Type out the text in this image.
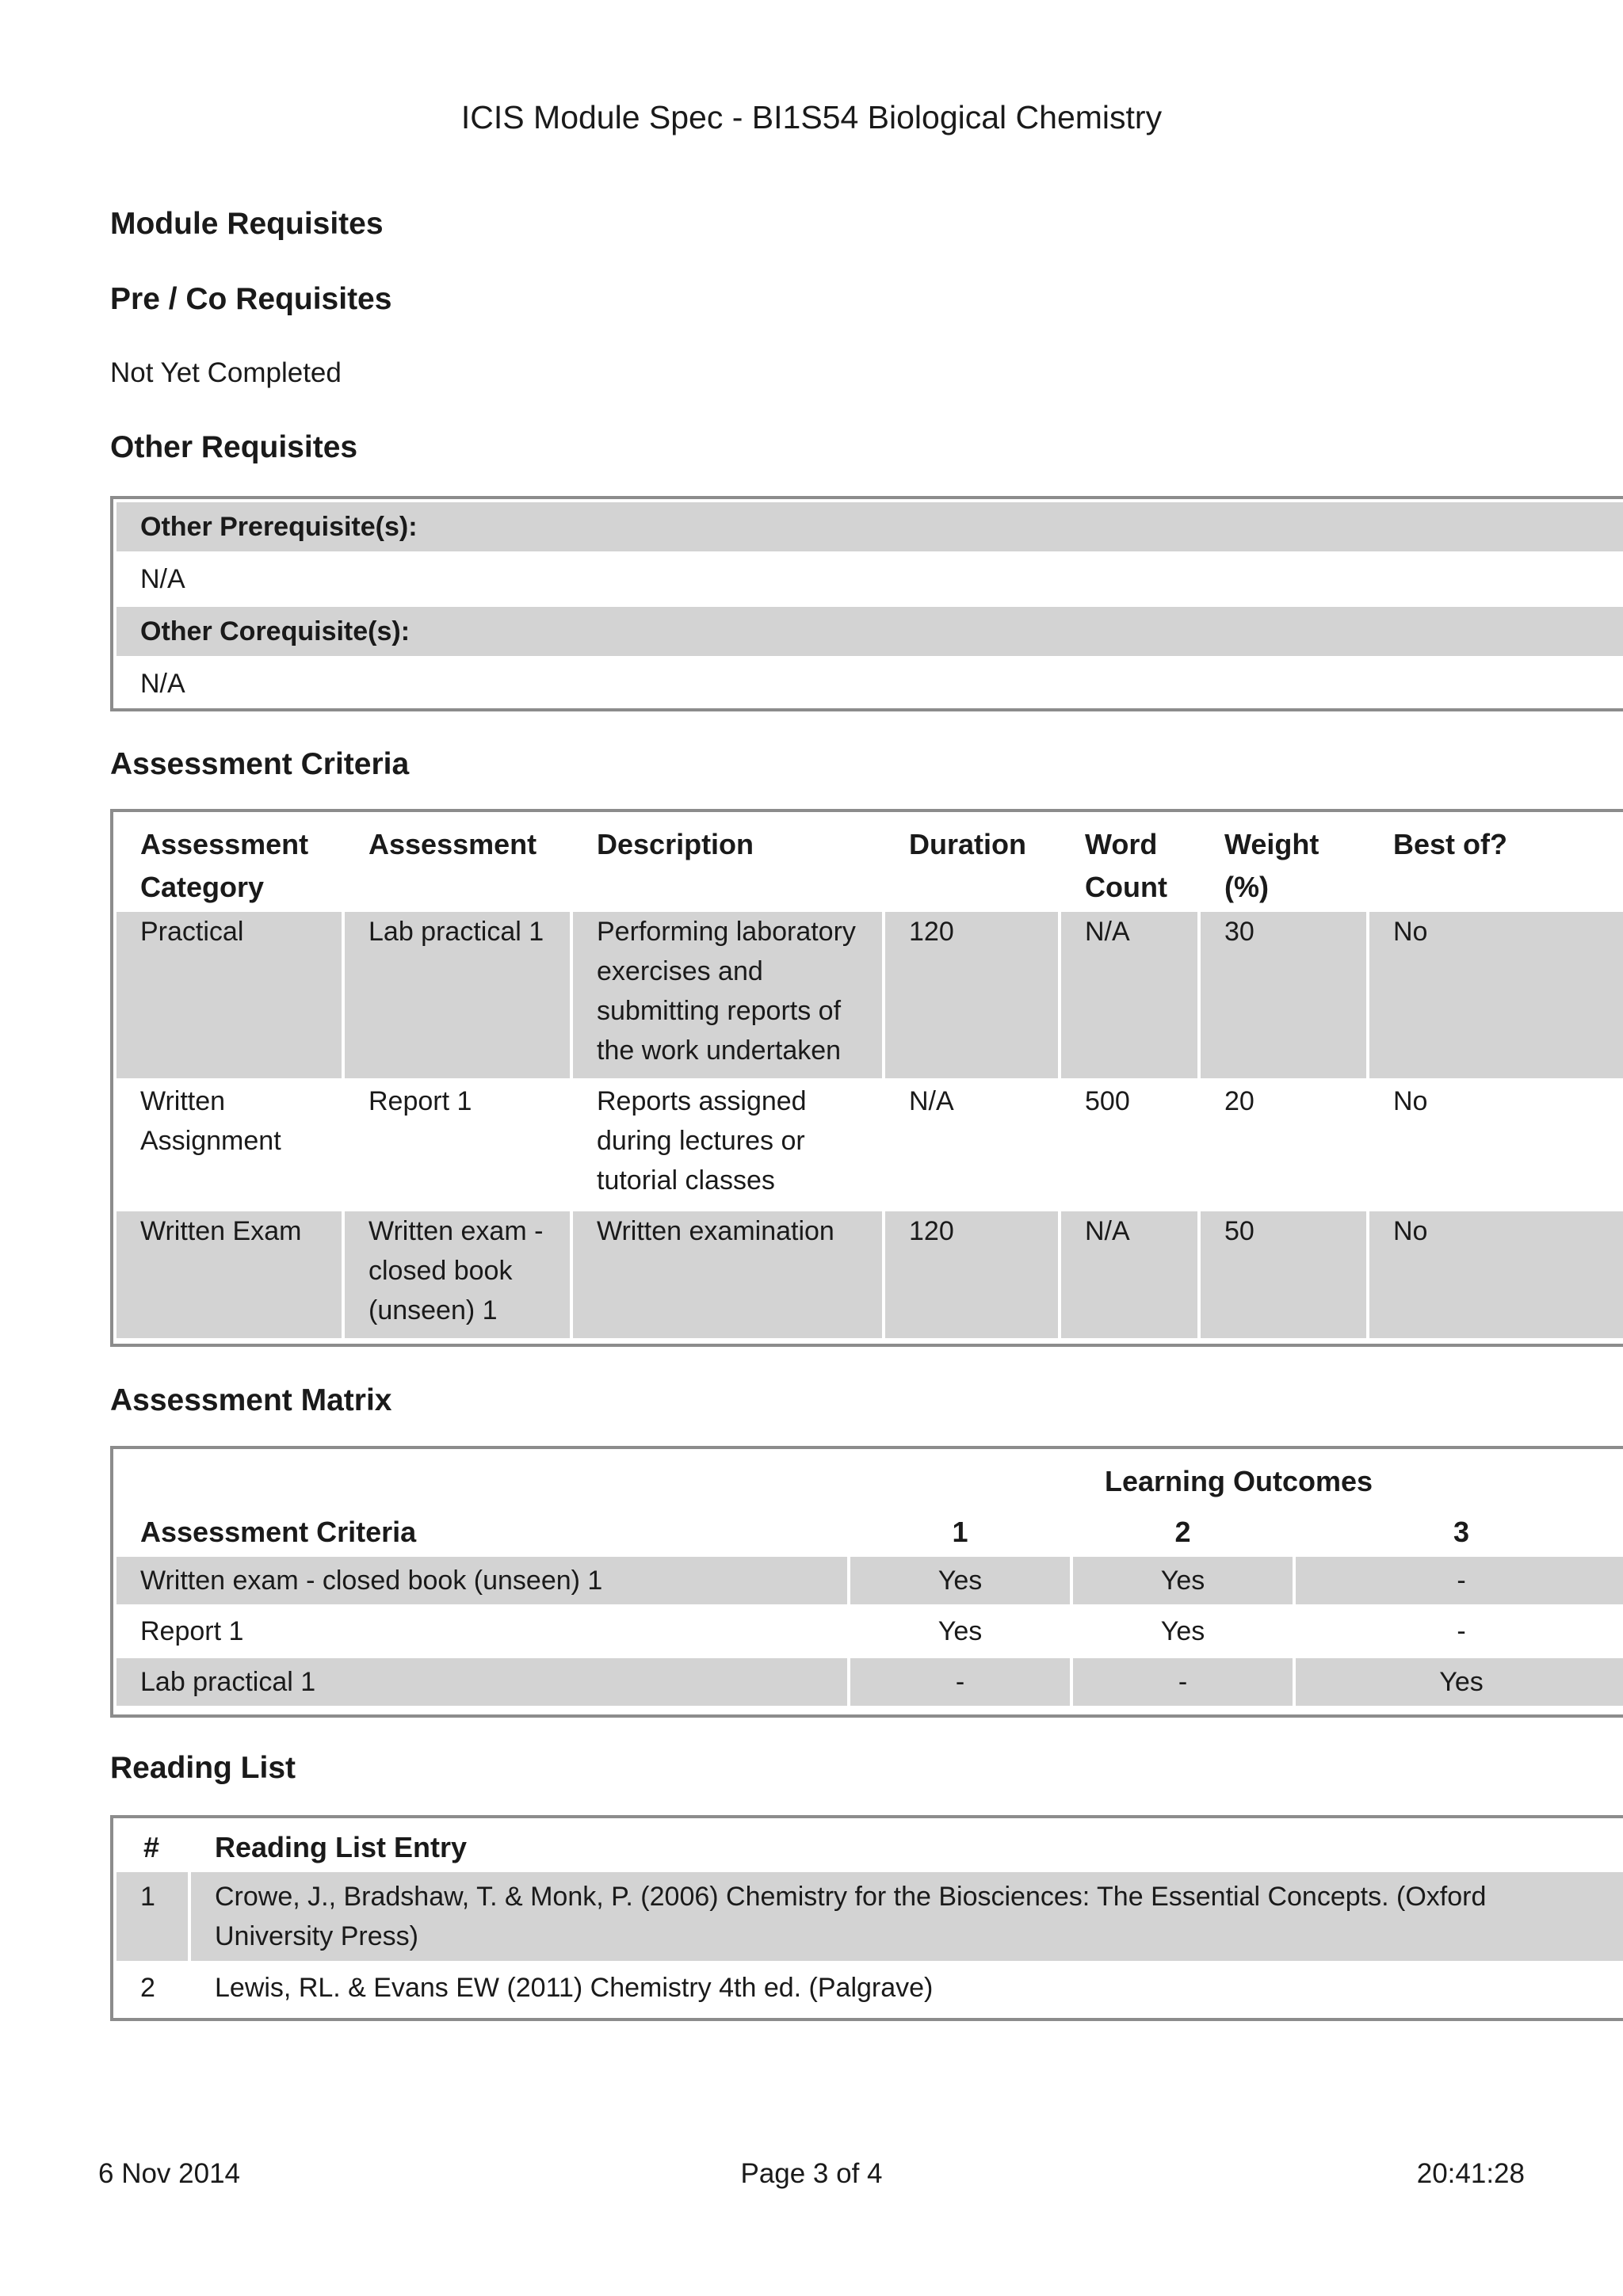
ICIS Module Spec - BI1S54 Biological Chemistry
Module Requisites
Pre / Co Requisites
Not Yet Completed
Other Requisites
Other Prerequisite(s):
N/A
Other Corequisite(s):
N/A
Assessment Criteria
Assessment Category	Assessment	Description	Duration	Word Count	Weight (%)	Best of?
Practical	Lab practical 1	Performing laboratory exercises and submitting reports of the work undertaken	120	N/A	30	No
Written Assignment	Report 1	Reports assigned during lectures or tutorial classes	N/A	500	20	No
Written Exam	Written exam - closed book (unseen) 1	Written examination	120	N/A	50	No
Assessment Matrix
	Learning Outcomes		
Assessment Criteria	1	2	3
Written exam - closed book (unseen) 1	Yes	Yes	-
Report 1	Yes	Yes	-
Lab practical 1	-	-	Yes
Reading List
#	Reading List Entry
1	Crowe, J., Bradshaw, T. & Monk, P. (2006) Chemistry for the Biosciences: The Essential Concepts. (Oxford University Press)
2	Lewis, RL. & Evans EW (2011) Chemistry 4th ed. (Palgrave)
6 Nov 2014	Page 3 of 4	20:41:28
